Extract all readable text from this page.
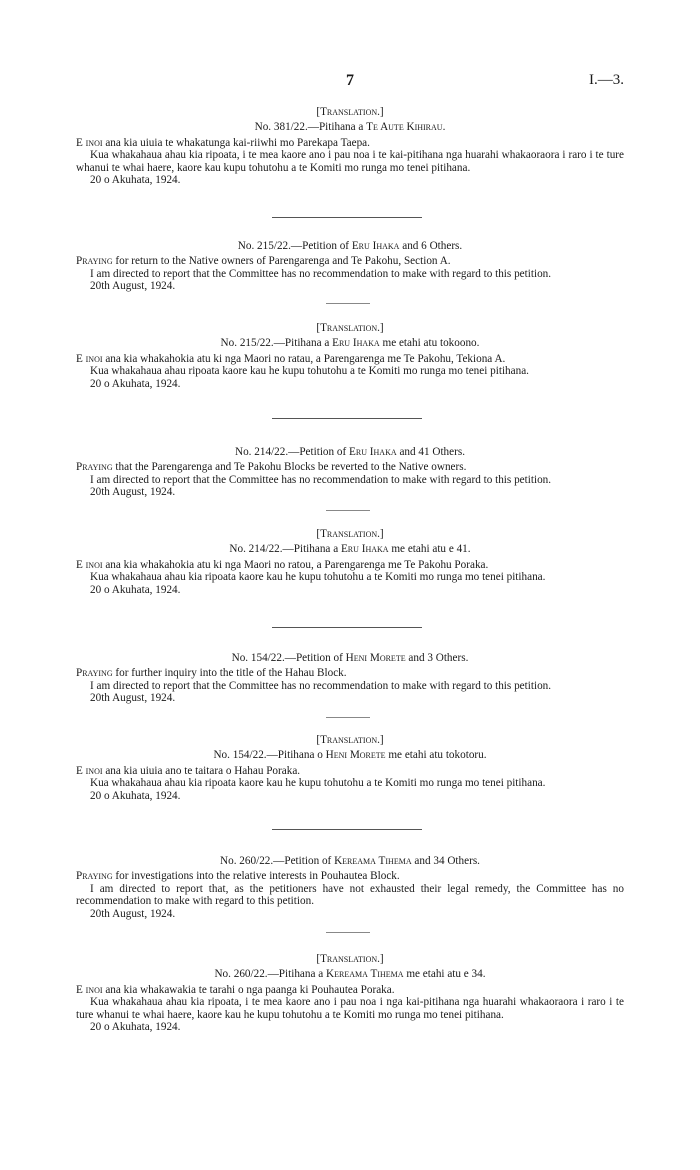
7	I.—3.
[Translation.]
No. 381/22.—Pitihana a Te Aute Kihirau.

E inoi ana kia uiuia te whakatunga kai-riiwhi mo Parekapa Taepa.

Kua whakahaua ahau kia ripoata, i te mea kaore ano i pau noa i te kai-pitihana nga huarahi whakaoraora i raro i te ture whanui te whai haere, kaore kau kupu tohutohu a te Komiti mo runga mo tenei pitihana.

20 o Akuhata, 1924.
No. 215/22.—Petition of Eru Ihaka and 6 Others.

Praying for return to the Native owners of Parengarenga and Te Pakohu, Section A.

I am directed to report that the Committee has no recommendation to make with regard to this petition.

20th August, 1924.
[Translation.]
No. 215/22.—Pitihana a Eru Ihaka me etahi atu tokoono.

E inoi ana kia whakahokia atu ki nga Maori no ratau, a Parengarenga me Te Pakohu, Tekiona A.

Kua whakahaua ahau ripoata kaore kau he kupu tohutohu a te Komiti mo runga mo tenei pitihana.

20 o Akuhata, 1924.
No. 214/22.—Petition of Eru Ihaka and 41 Others.

Praying that the Parengarenga and Te Pakohu Blocks be reverted to the Native owners.

I am directed to report that the Committee has no recommendation to make with regard to this petition.

20th August, 1924.
[Translation.]
No. 214/22.—Pitihana a Eru Ihaka me etahi atu e 41.

E inoi ana kia whakahokia atu ki nga Maori no ratou, a Parengarenga me Te Pakohu Poraka.

Kua whakahaua ahau kia ripoata kaore kau he kupu tohutohu a te Komiti mo runga mo tenei pitihana.

20 o Akuhata, 1924.
No. 154/22.—Petition of Heni Morete and 3 Others.

Praying for further inquiry into the title of the Hahau Block.

I am directed to report that the Committee has no recommendation to make with regard to this petition.

20th August, 1924.
[Translation.]
No. 154/22.—Pitihana o Heni Morete me etahi atu tokotoru.

E inoi ana kia uiuia ano te taitara o Hahau Poraka.

Kua whakahaua ahau kia ripoata kaore kau he kupu tohutohu a te Komiti mo runga mo tenei pitihana.

20 o Akuhata, 1924.
No. 260/22.—Petition of Kereama Tihema and 34 Others.

Praying for investigations into the relative interests in Pouhautea Block.

I am directed to report that, as the petitioners have not exhausted their legal remedy, the Committee has no recommendation to make with regard to this petition.

20th August, 1924.
[Translation.]
No. 260/22.—Pitihana a Kereama Tihema me etahi atu e 34.

E inoi ana kia whakawakia te tarahi o nga paanga ki Pouhautea Poraka.

Kua whakahaua ahau kia ripoata, i te mea kaore ano i pau noa i nga kai-pitihana nga huarahi whakaoraora i raro i te ture whanui te whai haere, kaore kau he kupu tohutohu a te Komiti mo runga mo tenei pitihana.

20 o Akuhata, 1924.
